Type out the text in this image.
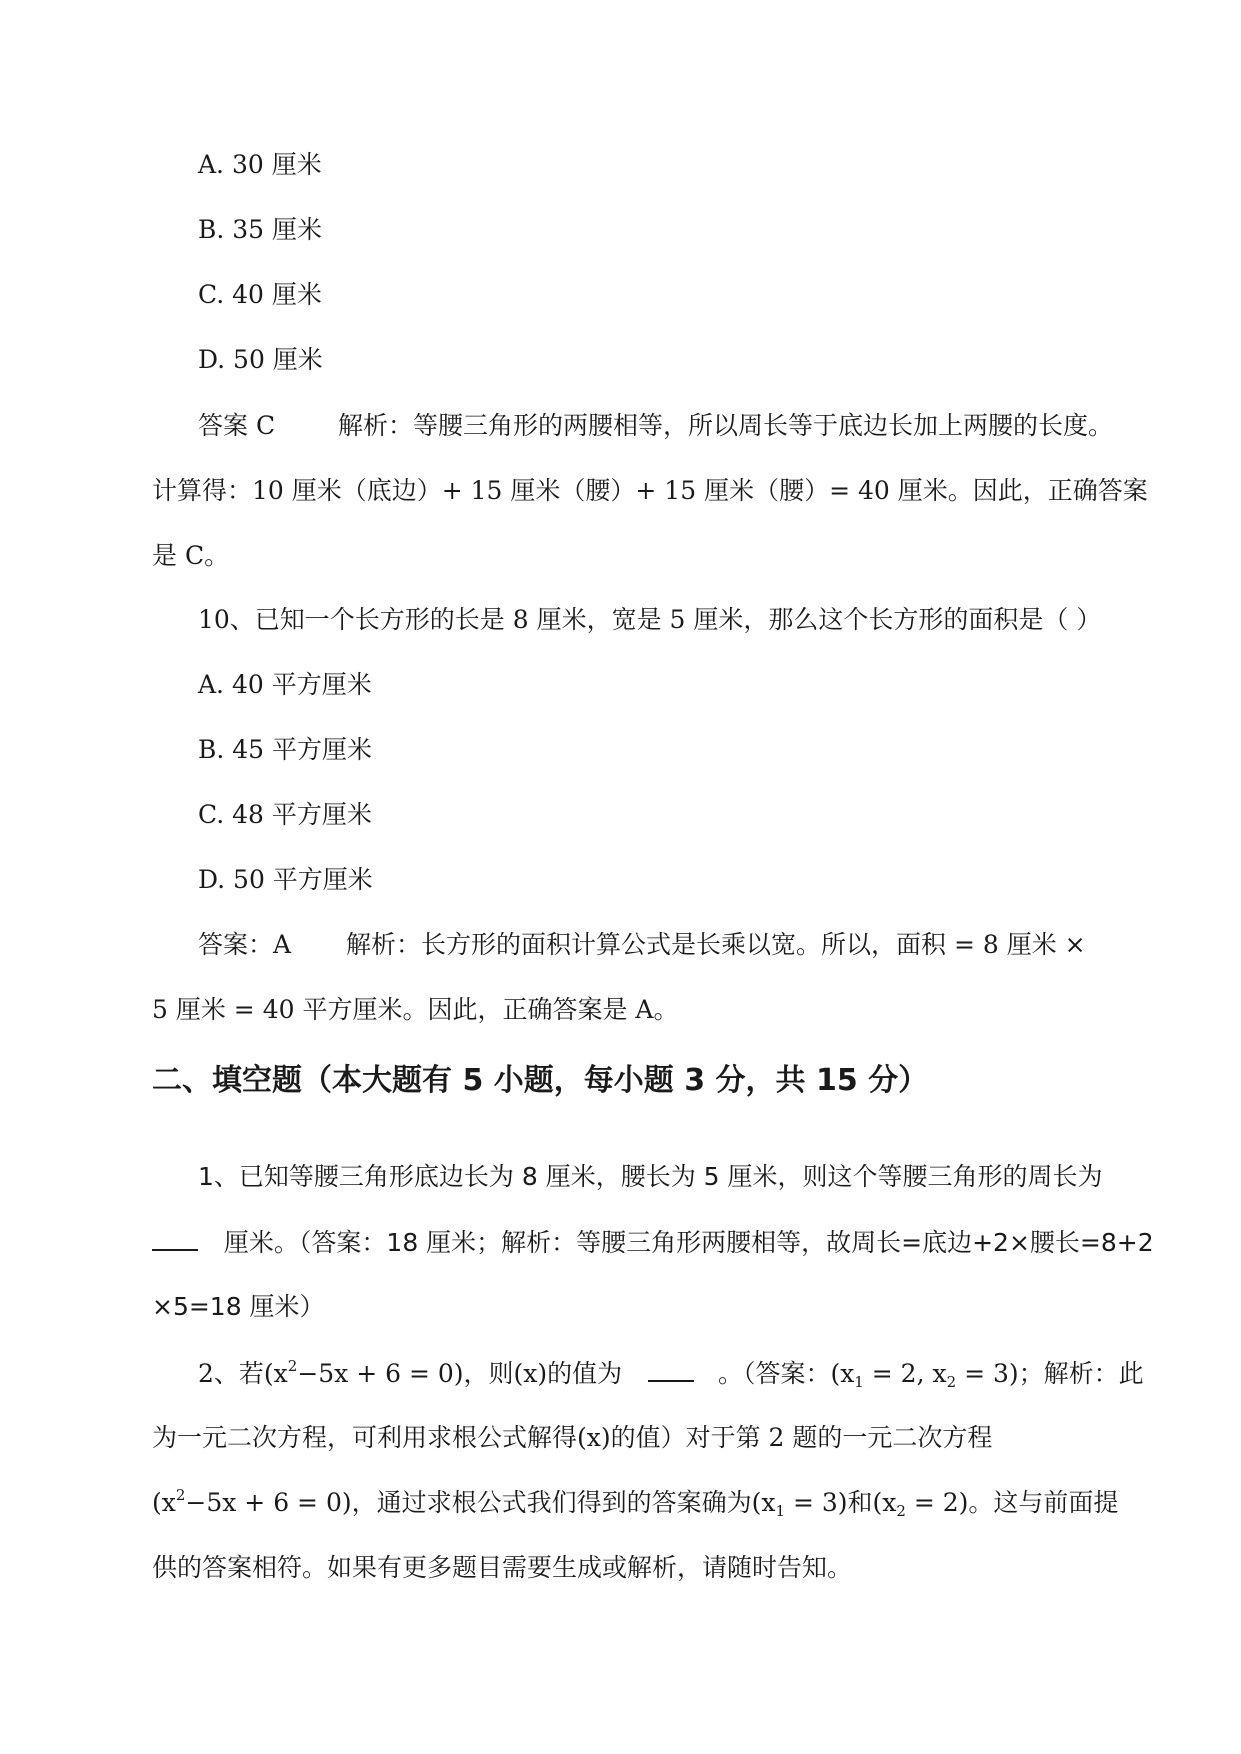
A. 30 厘米
B. 35 厘米
C. 40 厘米
D. 50 厘米
答案 C	解析：等腰三角形的两腰相等，所以周长等于底边长加上两腰的长度。
计算得：10 厘米（底边）+ 15 厘米（腰）+ 15 厘米（腰）= 40 厘米。因此，正确答案
是 C。
10、已知一个长方形的长是 8 厘米，宽是 5 厘米，那么这个长方形的面积是（ ）
A. 40 平方厘米
B. 45 平方厘米
C. 48 平方厘米
D. 50 平方厘米
答案：A 解析：长方形的面积计算公式是长乘以宽。所以，面积 = 8 厘米 ×
5 厘米 = 40 平方厘米。因此，正确答案是 A。
二、填空题（本大题有 5 小题，每小题 3 分，共 15 分）
1、已知等腰三角形底边长为 8 厘米，腰长为 5 厘米，则这个等腰三角形的周长为
厘米。（答案：18 厘米；解析：等腰三角形两腰相等，故周长=底边+2×腰长=8+2
×5=18 厘米）
2、若$(x^2-5x + 6 = 0)$，则(x)的值为	。（答案：($x_1 = 2$, $x_2 = 3$)；解析：此
为一元二次方程，可利用求根公式解得(x)的值）对于第 2 题的一元二次方程
$(x^2-5x + 6 = 0)$，通过求根公式我们得到的答案确为$(x_1 = 3)$和$(x_2 = 2)$。这与前面提
供的答案相符。如果有更多题目需要生成或解析，请随时告知。
